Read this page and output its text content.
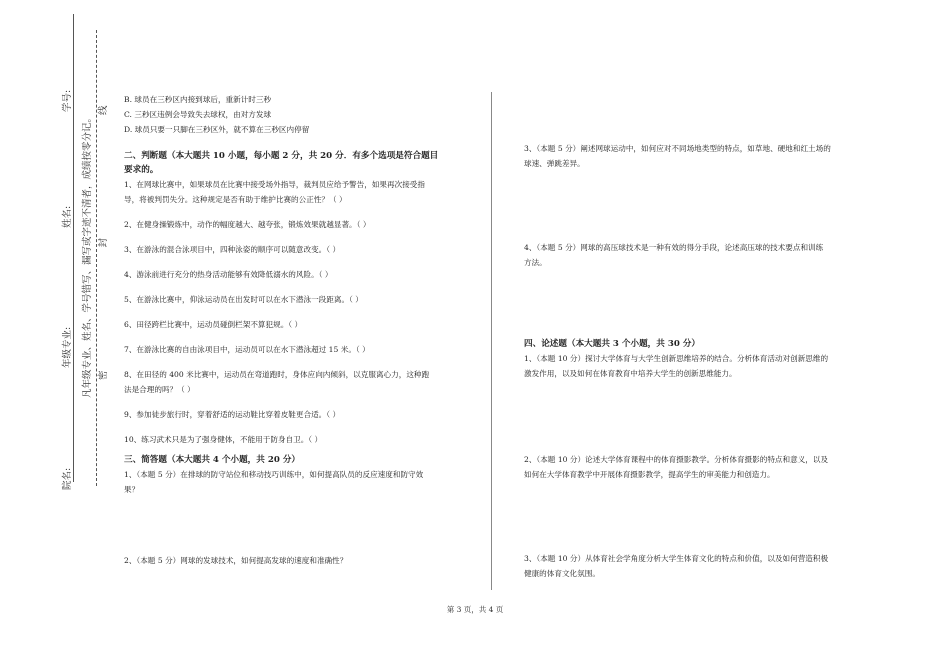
学号:
姓名:
年级专业:
院名:
凡年级专业、姓名、学号错写、漏写或字迹不清者，成绩按零分记。 密 封 线 B. 球员在三秒区内接到球后，重新计时三秒

C. 三秒区违例会导致失去球权，由对方发球

D. 球员只要一只脚在三秒区外，就不算在三秒区内停留

二、判断题（本大题共 10 小题，每小题 2 分，共 20 分．有多个选项是符合题目

要求的。

1、在网球比赛中，如果球员在比赛中接受场外指导，裁判员应给予警告，如果再次接受指

导，将被判罚失分。这种规定是否有助于维护比赛的公正性？（ ）

2、在健身操锻炼中，动作的幅度越大、越夸张，锻炼效果就越显著。（ ）

3、在游泳的混合泳项目中，四种泳姿的顺序可以随意改变。（ ）

4、游泳前进行充分的热身活动能够有效降低溺水的风险。（ ）

5、在游泳比赛中，仰泳运动员在出发时可以在水下潜泳一段距离。（ ）

6、田径跨栏比赛中，运动员碰倒栏架不算犯规。（ ）

7、在游泳比赛的自由泳项目中，运动员可以在水下潜泳超过 15 米。（ ）

8、在田径的 400 米比赛中，运动员在弯道跑时，身体应向内倾斜，以克服离心力，这种跑

法是合理的吗？（ ）

9、参加徒步旅行时，穿着舒适的运动鞋比穿着皮鞋更合适。（ ）

10、练习武术只是为了强身健体，不能用于防身自卫。（ ）

三、简答题（本大题共 4 个小题，共 20 分）

1、（本题 5 分）在排球的防守站位和移动技巧训练中，如何提高队员的反应速度和防守效

果？

2、（本题 5 分）网球的发球技术，如何提高发球的速度和准确性？

3、（本题 5 分）阐述网球运动中，如何应对不同场地类型的特点，如草地、硬地和红土场的

球速、弹跳差异。

4、（本题 5 分）网球的高压球技术是一种有效的得分手段，论述高压球的技术要点和训练

方法。

四、论述题（本大题共 3 个小题，共 30 分）

1、（本题 10 分）探讨大学体育与大学生创新思维培养的结合。分析体育活动对创新思维的

激发作用，以及如何在体育教育中培养大学生的创新思维能力。

2、（本题 10 分）论述大学体育课程中的体育摄影教学。分析体育摄影的特点和意义，以及

如何在大学体育教学中开展体育摄影教学，提高学生的审美能力和创造力。

3、（本题 10 分）从体育社会学角度分析大学生体育文化的特点和价值，以及如何营造积极

健康的体育文化氛围。

第 3 页，共 4 页
